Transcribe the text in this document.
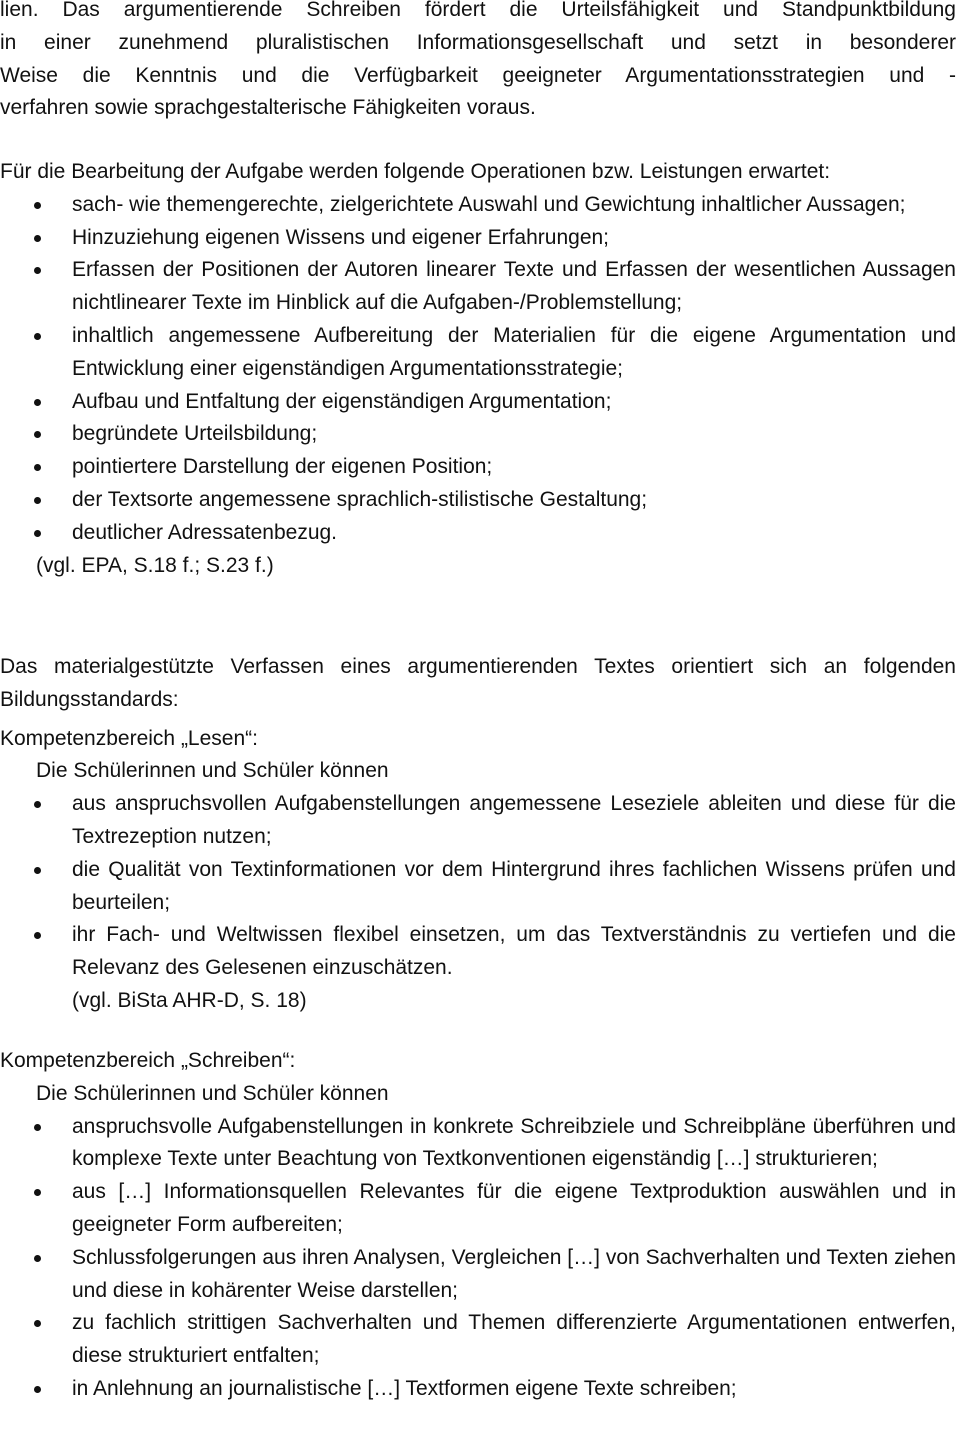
lien. Das argumentierende Schreiben fördert die Urteilsfähigkeit und Standpunktbildung

in einer zunehmend pluralistischen Informationsgesellschaft und setzt in besonderer

Weise die Kenntnis und die Verfügbarkeit geeigneter Argumentationsstrategien und -

verfahren sowie sprachgestalterische Fähigkeiten voraus.

Für die Bearbeitung der Aufgabe werden folgende Operationen bzw. Leistungen erwartet:

sach- wie themengerechte, zielgerichtete Auswahl und Gewichtung inhaltlicher Aussagen;
Hinzuziehung eigenen Wissens und eigener Erfahrungen;
Erfassen der Positionen der Autoren linearer Texte und Erfassen der wesentlichen Aussagen nichtlinearer Texte im Hinblick auf die Aufgaben-/Problemstellung;
inhaltlich angemessene Aufbereitung der Materialien für die eigene Argumentation und Entwicklung einer eigenständigen Argumentationsstrategie;
Aufbau und Entfaltung der eigenständigen Argumentation;
begründete Urteilsbildung;
pointiertere Darstellung der eigenen Position;
der Textsorte angemessene sprachlich-stilistische Gestaltung;
deutlicher Adressatenbezug.

(vgl. EPA, S.18 f.; S.23 f.)

Das materialgestützte Verfassen eines argumentierenden Textes orientiert sich an folgenden Bildungsstandards:

Kompetenzbereich „Lesen“:

Die Schülerinnen und Schüler können

aus anspruchsvollen Aufgabenstellungen angemessene Leseziele ableiten und diese für die Textrezeption nutzen;
die Qualität von Textinformationen vor dem Hintergrund ihres fachlichen Wissens prüfen und beurteilen;
ihr Fach- und Weltwissen flexibel einsetzen, um das Textverständnis zu vertiefen und die Relevanz des Gelesenen einzuschätzen.

(vgl. BiSta AHR-D, S. 18)

Kompetenzbereich „Schreiben“:

Die Schülerinnen und Schüler können

anspruchsvolle Aufgabenstellungen in konkrete Schreibziele und Schreibpläne überführen und komplexe Texte unter Beachtung von Textkonventionen eigenständig […] strukturieren;
aus […] Informationsquellen Relevantes für die eigene Textproduktion auswählen und in geeigneter Form aufbereiten;
Schlussfolgerungen aus ihren Analysen, Vergleichen […] von Sachverhalten und Texten ziehen und diese in kohärenter Weise darstellen;
zu fachlich strittigen Sachverhalten und Themen differenzierte Argumentationen entwerfen, diese strukturiert entfalten;
in Anlehnung an journalistische […] Textformen eigene Texte schreiben;
